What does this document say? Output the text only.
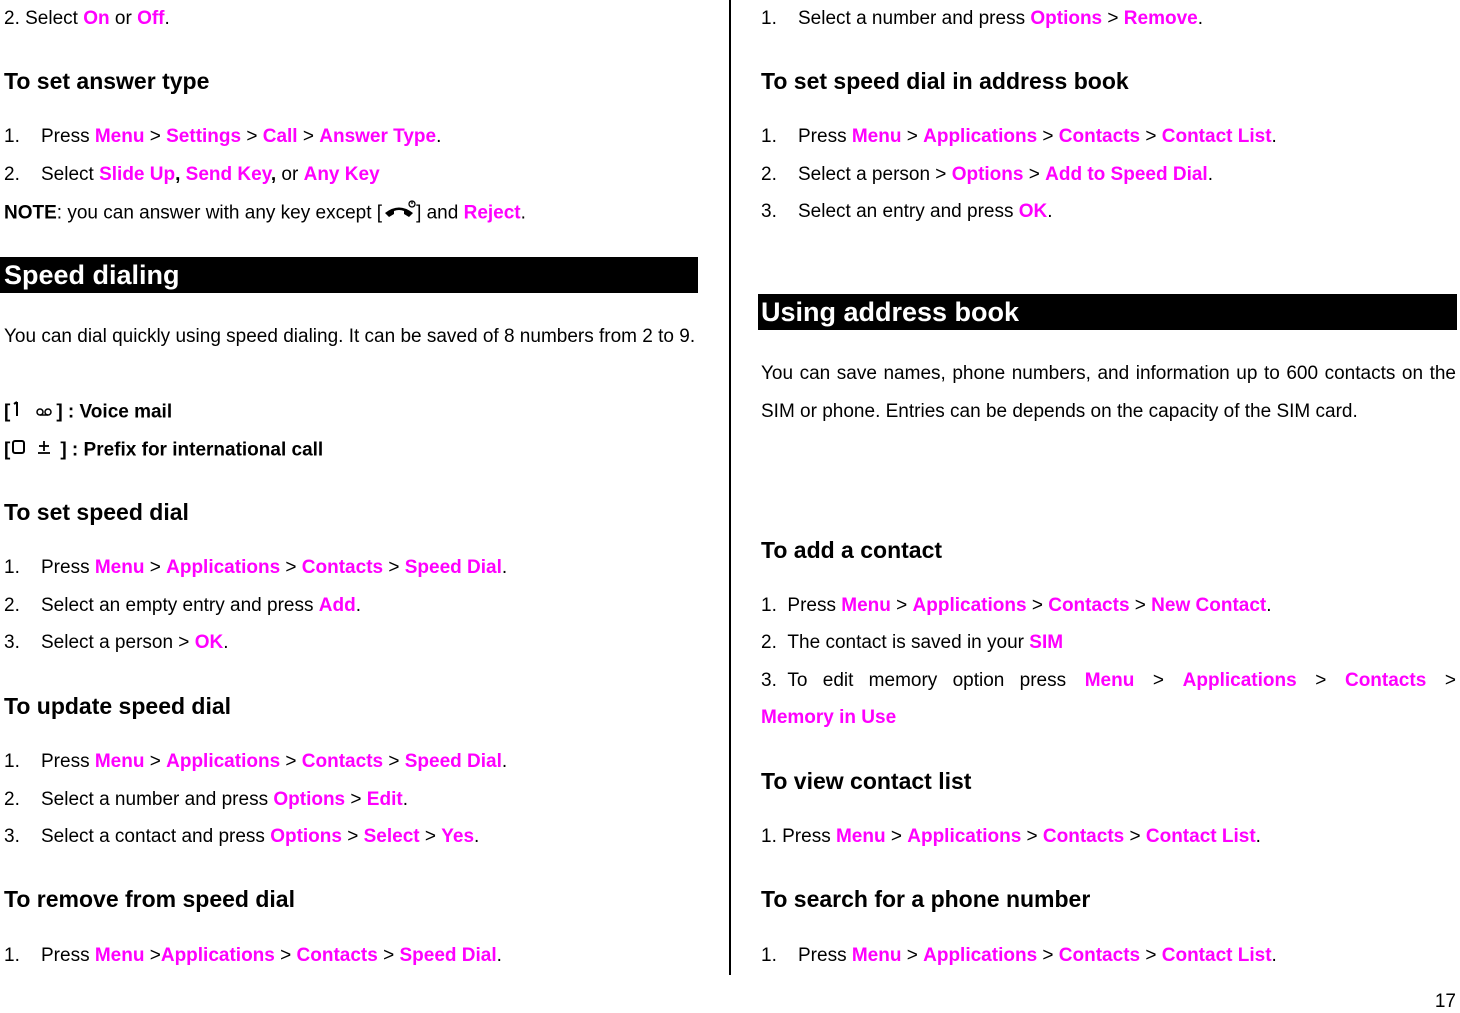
2. Select On or Off.
To set answer type
1. Press Menu > Settings > Call > Answer Type.
2. Select Slide Up, Send Key, or Any Key
NOTE: you can answer with any key except [ ] and Reject.
Speed dialing
You can dial quickly using speed dialing. It can be saved of 8 numbers from 2 to 9.
[ ] : Voice mail
[	] : Prefix for international call
To set speed dial
1. Press Menu > Applications > Contacts > Speed Dial.
2. Select an empty entry and press Add.
3. Select a person > OK.
To update speed dial
1. Press Menu > Applications > Contacts > Speed Dial.
2. Select a number and press Options > Edit.
3. Select a contact and press Options > Select > Yes.
To remove from speed dial
1. Press Menu >Applications > Contacts > Speed Dial.
1. Select a number and press Options > Remove.
To set speed dial in address book
1. Press Menu > Applications > Contacts > Contact List.
2. Select a person > Options > Add to Speed Dial.
3. Select an entry and press OK.
Using address book
You can save names, phone numbers, and information up to 600 contacts on the SIM or phone. Entries can be depends on the capacity of the SIM card.
To add a contact
1. Press Menu > Applications > Contacts > New Contact.
2. The contact is saved in your SIM
3. To edit memory option press Menu > Applications > Contacts >
Memory in Use
To view contact list
1. Press Menu > Applications > Contacts > Contact List.
To search for a phone number
1. Press Menu > Applications > Contacts > Contact List.
17
